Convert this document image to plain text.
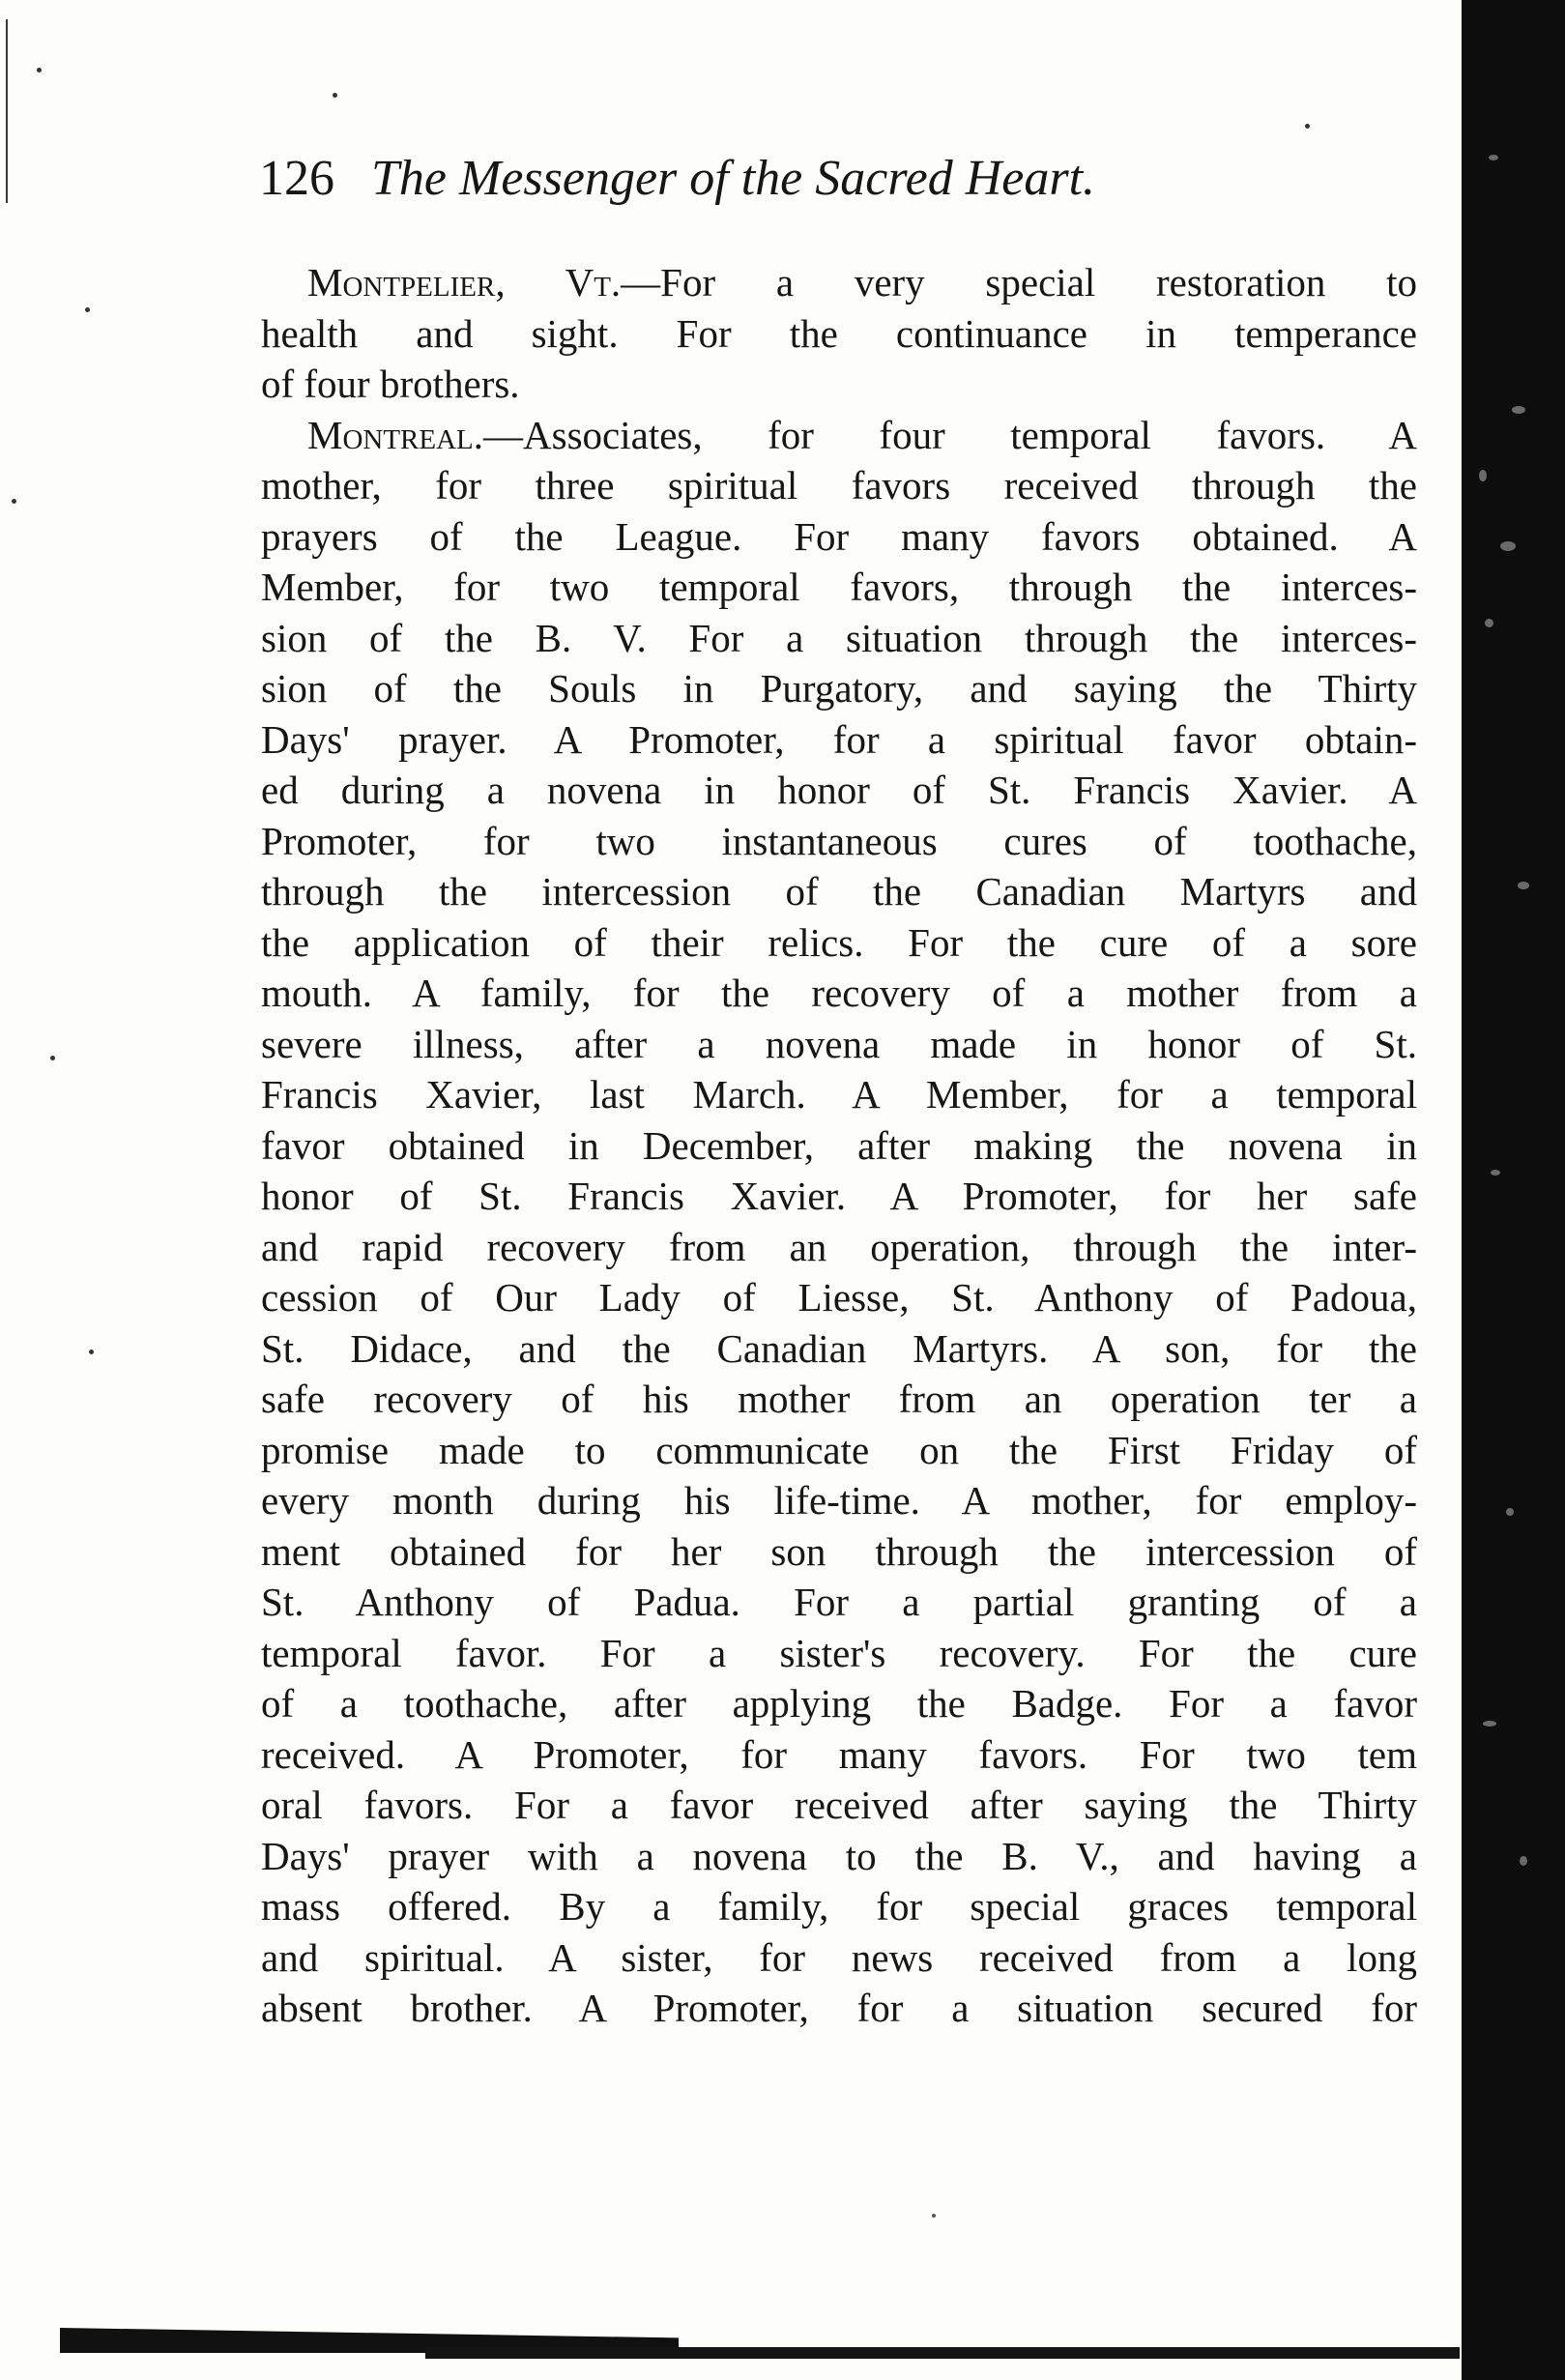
126 The Messenger of the Sacred Heart.
Montpelier, Vt.—For a very special restoration to
health and sight. For the continuance in temperance
of four brothers.
Montreal.—Associates, for four temporal favors. A
mother, for three spiritual favors received through the
prayers of the League. For many favors obtained. A
Member, for two temporal favors, through the interces-
sion of the B. V. For a situation through the interces-
sion of the Souls in Purgatory, and saying the Thirty
Days' prayer. A Promoter, for a spiritual favor obtain-
ed during a novena in honor of St. Francis Xavier. A
Promoter, for two instantaneous cures of toothache,
through the intercession of the Canadian Martyrs and
the application of their relics. For the cure of a sore
mouth. A family, for the recovery of a mother from a
severe illness, after a novena made in honor of St.
Francis Xavier, last March. A Member, for a temporal
favor obtained in December, after making the novena in
honor of St. Francis Xavier. A Promoter, for her safe
and rapid recovery from an operation, through the inter-
cession of Our Lady of Liesse, St. Anthony of Padoua,
St. Didace, and the Canadian Martyrs. A son, for the
safe recovery of his mother from an operation ter a
promise made to communicate on the First Friday of
every month during his life-time. A mother, for employ-
ment obtained for her son through the intercession of
St. Anthony of Padua. For a partial granting of a
temporal favor. For a sister's recovery. For the cure
of a toothache, after applying the Badge. For a favor
received. A Promoter, for many favors. For two tem
oral favors. For a favor received after saying the Thirty
Days' prayer with a novena to the B. V., and having a
mass offered. By a family, for special graces temporal
and spiritual. A sister, for news received from a long
absent brother. A Promoter, for a situation secured for
